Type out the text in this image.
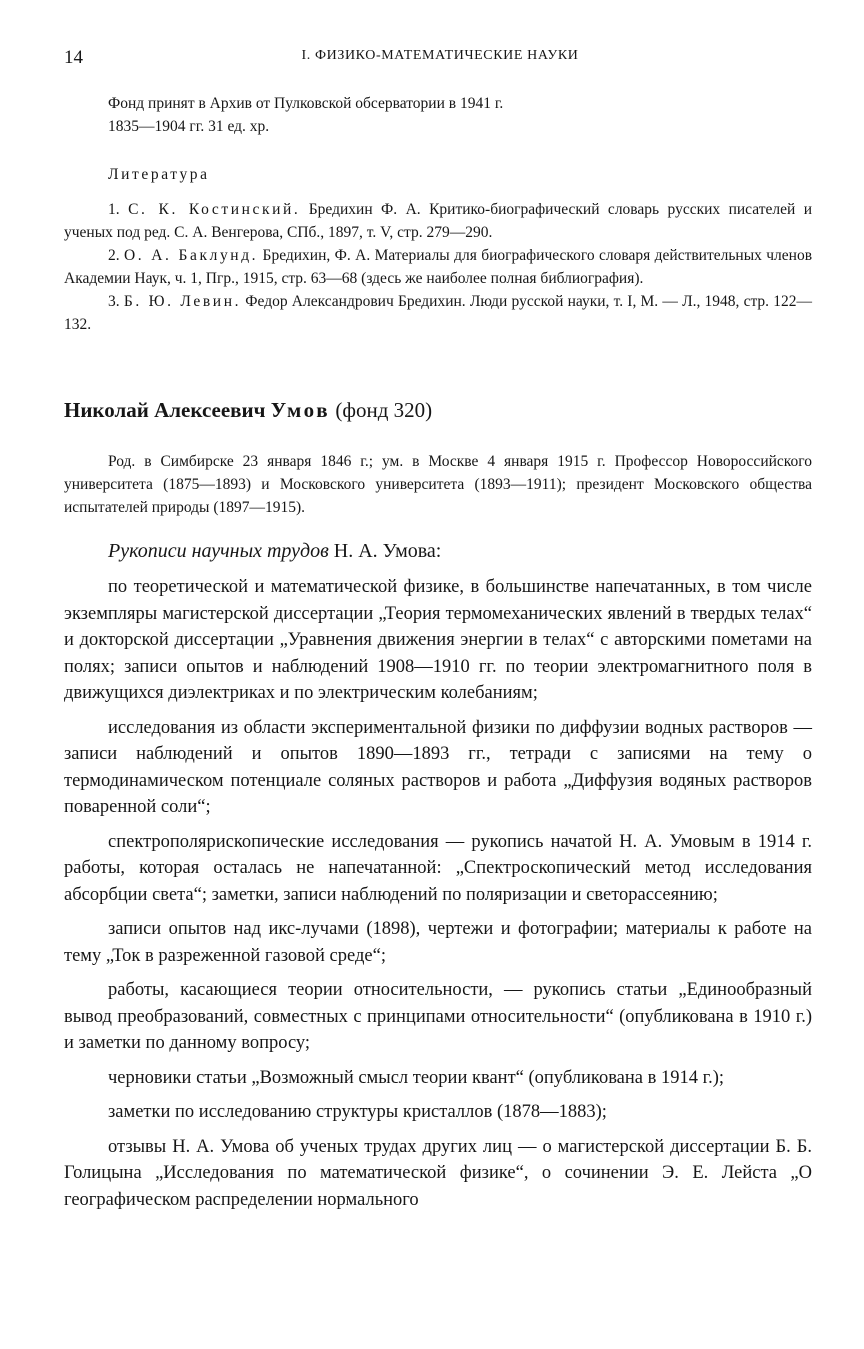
14	I. ФИЗИКО-МАТЕМАТИЧЕСКИЕ НАУКИ

Фонд принят в Архив от Пулковской обсерватории в 1941 г.

1835—1904 гг. 31 ед. хр.

Литература

1. С. К. Костинский. Бредихин Ф. А. Критико-биографический словарь русских писателей и ученых под ред. С. А. Венгерова, СПб., 1897, т. V, стр. 279—290.

2. О. А. Баклунд. Бредихин, Ф. А. Материалы для биографического словаря действительных членов Академии Наук, ч. 1, Пгр., 1915, стр. 63—68 (здесь же наиболее полная библиография).

3. Б. Ю. Левин. Федор Александрович Бредихин. Люди русской науки, т. I, М. — Л., 1948, стр. 122—132.

Николай Алексеевич Умов (фонд 320)

Род. в Симбирске 23 января 1846 г.; ум. в Москве 4 января 1915 г. Профессор Новороссийского университета (1875—1893) и Московского университета (1893—1911); президент Московского общества испытателей природы (1897—1915).

Рукописи научных трудов Н. А. Умова:

по теоретической и математической физике, в большинстве напечатанных, в том числе экземпляры магистерской диссертации „Теория термомеханических явлений в твердых телах“ и докторской диссертации „Уравнения движения энергии в телах“ с авторскими пометами на полях; записи опытов и наблюдений 1908—1910 гг. по теории электромагнитного поля в движущихся диэлектриках и по электрическим колебаниям;

исследования из области экспериментальной физики по диффузии водных растворов — записи наблюдений и опытов 1890—1893 гг., тетради с записями на тему о термодинамическом потенциале соляных растворов и работа „Диффузия водяных растворов поваренной соли“;

спектрополярископические исследования — рукопись начатой Н. А. Умовым в 1914 г. работы, которая осталась не напечатанной: „Спектроскопический метод исследования абсорбции света“; заметки, записи наблюдений по поляризации и светорассеянию;

записи опытов над икс-лучами (1898), чертежи и фотографии; материалы к работе на тему „Ток в разреженной газовой среде“;

работы, касающиеся теории относительности, — рукопись статьи „Единообразный вывод преобразований, совместных с принципами относительности“ (опубликована в 1910 г.) и заметки по данному вопросу;

черновики статьи „Возможный смысл теории квант“ (опубликована в 1914 г.);

заметки по исследованию структуры кристаллов (1878—1883);

отзывы Н. А. Умова об ученых трудах других лиц — о магистерской диссертации Б. Б. Голицына „Исследования по математической физике“, о сочинении Э. Е. Лейста „О географическом распределении нормального
